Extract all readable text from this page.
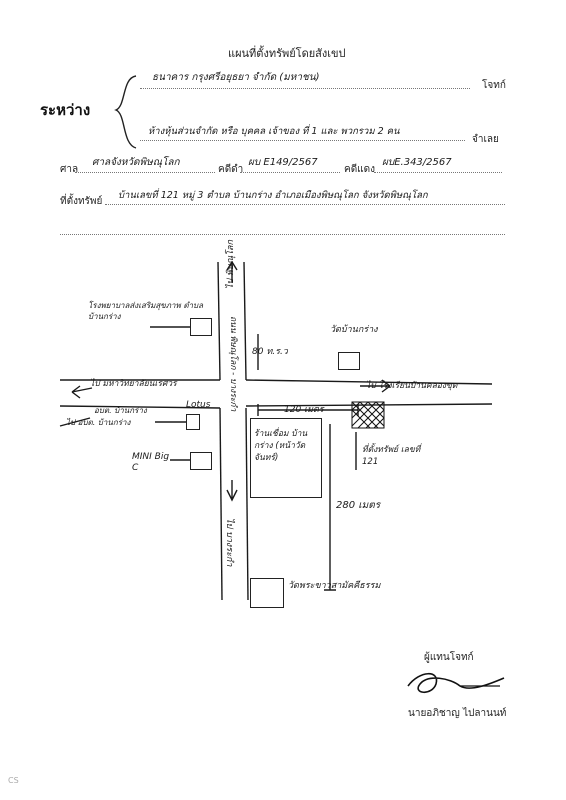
แผนที่ตั้งทรัพย์โดยสังเขป
ระหว่าง
ธนาคาร กรุงศรีอยุธยา จำกัด (มหาชน)
โจทก์
ห้างหุ้นส่วนจำกัด หรือ บุคคล เจ้าของ ที่ 1 และ พวกรวม 2 คน
จำเลย
ศาล
ศาลจังหวัดพิษณุโลก
คดีดำ
ผบ E149/2567
คดีแดง
ผบE.343/2567
ที่ตั้งทรัพย์
บ้านเลขที่ 121 หมู่ 3 ตำบล บ้านกร่าง อำเภอเมืองพิษณุโลก จังหวัดพิษณุโลก
ไป พิษณุโลก
ถนน พิษณุโลก - บางระกำ
ไป บางระกำ
ไป มหาวิทยาลัยนเรศวร	ไป โรงเรียนบ้านคลองขุด
80 ท.ร.ว
โรงพยาบาลส่งเสริมสุขภาพ ตำบล บ้านกร่าง
วัดบ้านกร่าง
Lotus
อบต. บ้านกร่าง
ไป อบต. บ้านกร่าง
MINI Big C
ร้านเชื่อม บ้านกร่าง (หน้าวัดจันทร์)
120 เมตร
280 เมตร
ที่ตั้งทรัพย์ เลขที่ 121
วัดพระขาวสามัคคีธรรม
ผู้แทนโจทก์
นายอภิชาญ ไปลานนท์
CS
